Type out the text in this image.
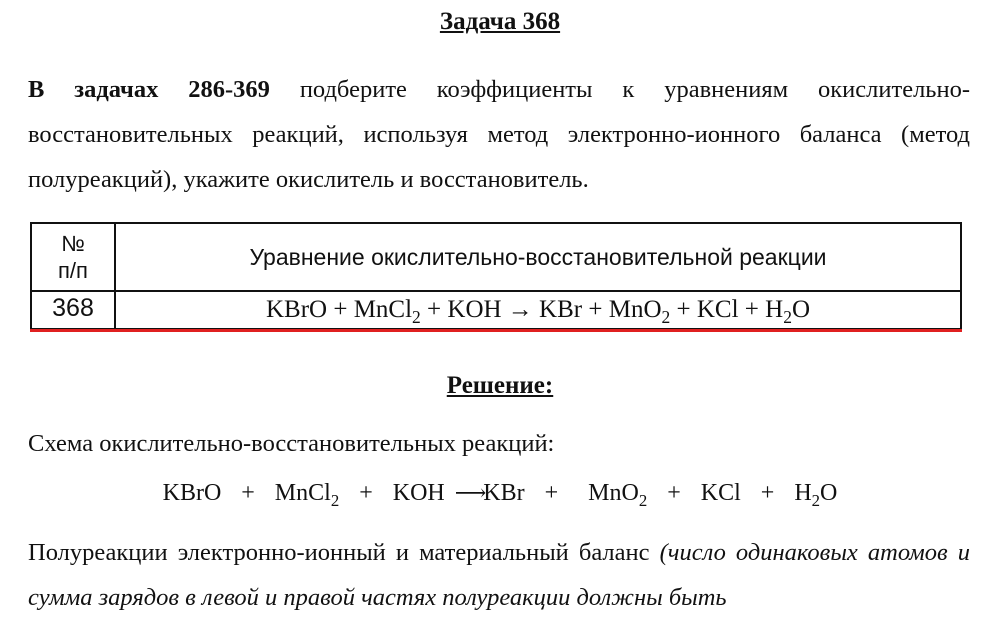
Задача 368
В задачах 286-369 подберите коэффициенты к уравнениям окислительно-восстановительных реакций, используя метод электронно-ионного баланса (метод полуреакций), укажите окислитель и восстановитель.
№
п/п
Уравнение окислительно-восстановительной реакции
368	KBrO + MnCl$_2$ + KOH → KBr + MnO$_2$ + KCl + $H_2O$
Решение:
Схема окислительно-восстановительных реакций:
KBrO  +  MnCl$_2$  +  KOH ⟶KBr  +   MnO$_2$  +  KCl  +  $H_2O$
Полуреакции электронно-ионный и материальный баланс (число одинаковых атомов и сумма зарядов в левой и правой частях полуреакции должны быть
